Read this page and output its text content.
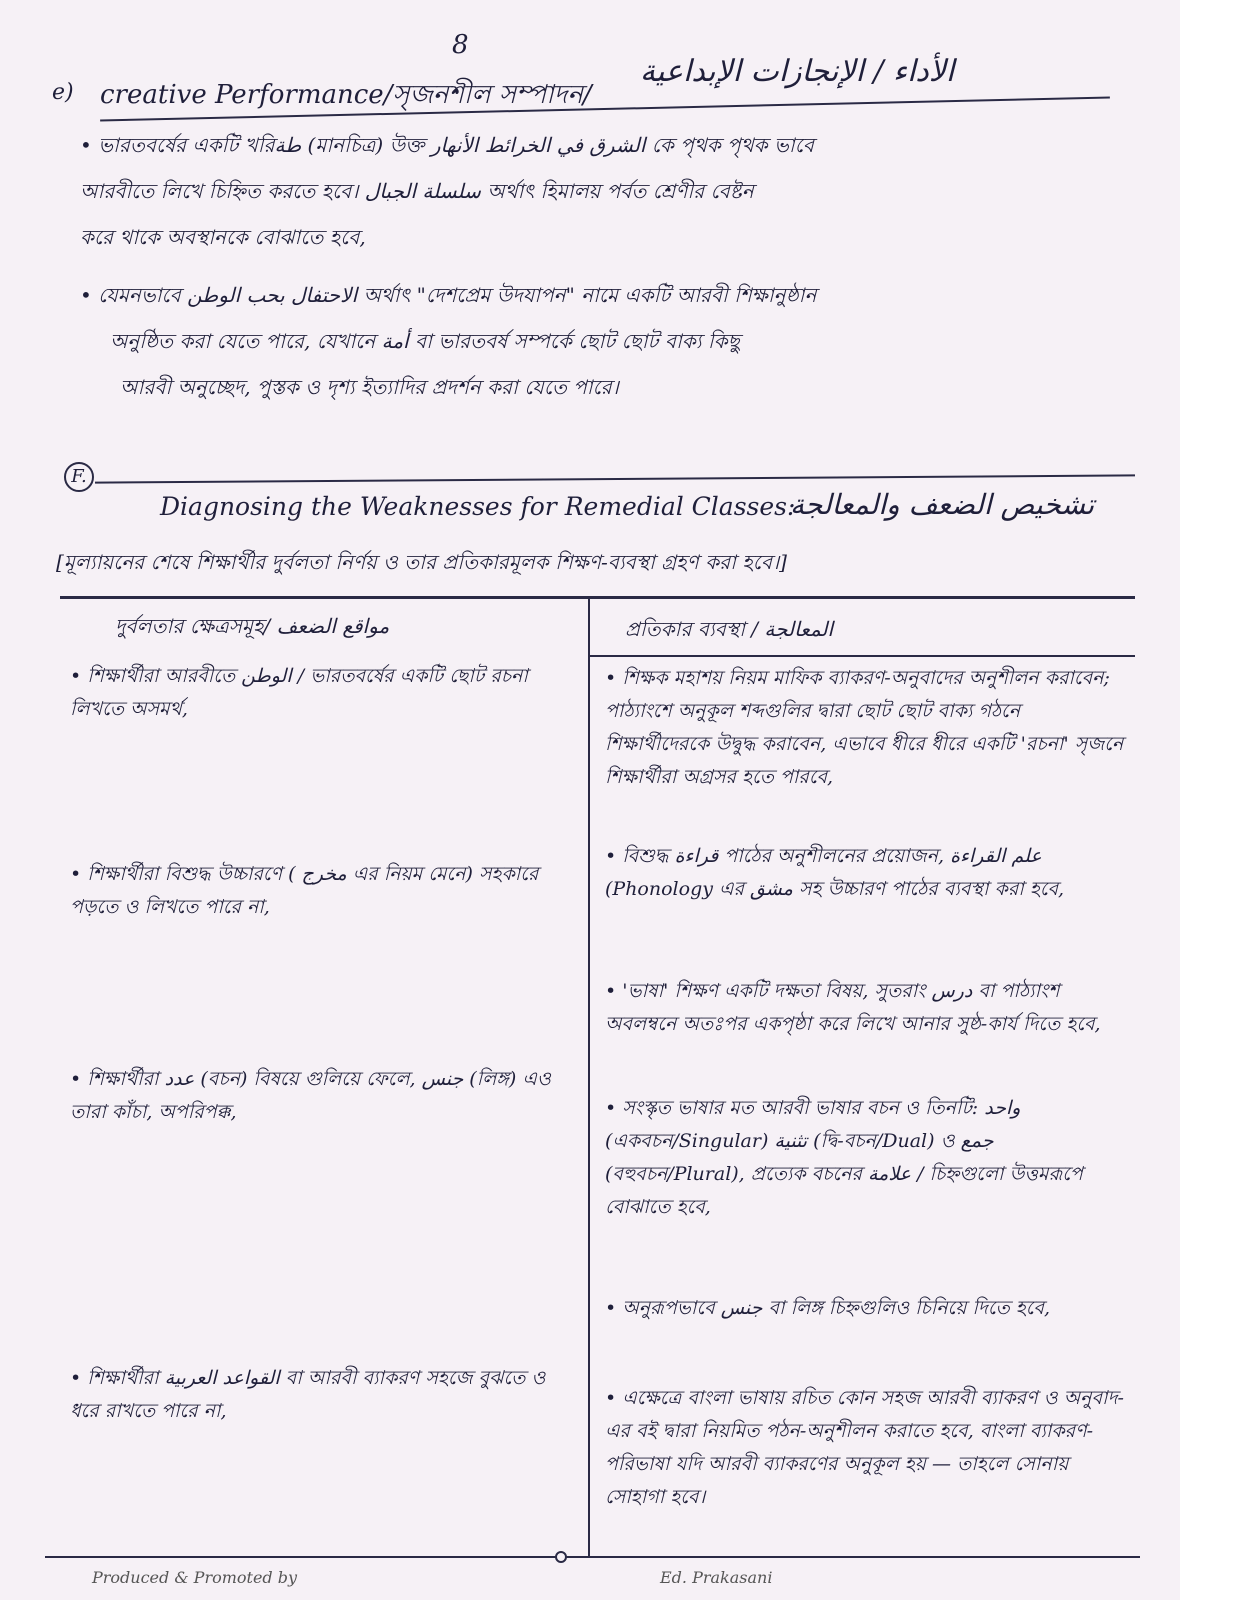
8
e) creative Performance/সৃজনশীল সম্পাদন/
الأداء / الإنجازات الإبداعية

• ভারতবর্ষের একটি খরিطة (মানচিত্র) উক্ত الشرق في الخرائط الأنهار কে পৃথক পৃথক ভাবে

আরবীতে লিখে চিহ্নিত করতে হবে। سلسلة الجبال অর্থাৎ হিমালয় পর্বত শ্রেণীর বেষ্টন

করে থাকে অবস্থানকে বোঝাতে হবে,

• যেমনভাবে الاحتفال بحب الوطن অর্থাৎ "দেশপ্রেম উদযাপন" নামে একটি আরবী শিক্ষানুষ্ঠান

অনুষ্ঠিত করা যেতে পারে, যেখানে أمة বা ভারতবর্ষ সম্পর্কে ছোট ছোট বাক্য কিছু

আরবী অনুচ্ছেদ, পুস্তক ও দৃশ্য ইত্যাদির প্রদর্শন করা যেতে পারে।

F.
Diagnosing the Weaknesses for Remedial Classes:
تشخيص الضعف والمعالجة
[মূল্যায়নের শেষে শিক্ষার্থীর দুর্বলতা নির্ণয় ও তার প্রতিকারমূলক শিক্ষণ-ব্যবস্থা গ্রহণ করা হবে।]
দুর্বলতার ক্ষেত্রসমূহ/ مواقع الضعف	প্রতিকার ব্যবস্থা / المعالجة
• শিক্ষার্থীরা আরবীতে الوطن / ভারতবর্ষের একটি ছোট রচনা লিখতে অসমর্থ,
• শিক্ষার্থীরা বিশুদ্ধ উচ্চারণে ( مخرج এর নিয়ম মেনে) সহকারে পড়তে ও লিখতে পারে না,
• শিক্ষার্থীরা عدد (বচন) বিষয়ে গুলিয়ে ফেলে, جنس (লিঙ্গ) এও তারা কাঁচা, অপরিপক্ক,
• শিক্ষার্থীরা القواعد العربية বা আরবী ব্যাকরণ সহজে বুঝতে ও ধরে রাখতে পারে না,
• শিক্ষক মহাশয় নিয়ম মাফিক ব্যাকরণ-অনুবাদের অনুশীলন করাবেন; পাঠ্যাংশে অনুকূল শব্দগুলির দ্বারা ছোট ছোট বাক্য গঠনে শিক্ষার্থীদেরকে উদ্বুদ্ধ করাবেন, এভাবে ধীরে ধীরে একটি 'রচনা' সৃজনে শিক্ষার্থীরা অগ্রসর হতে পারবে,
• বিশুদ্ধ قراءة পাঠের অনুশীলনের প্রয়োজন, علم القراءة (Phonology এর مشق সহ উচ্চারণ পাঠের ব্যবস্থা করা হবে,
• 'ভাষা' শিক্ষণ একটি দক্ষতা বিষয়, সুতরাং درس বা পাঠ্যাংশ অবলম্বনে অতঃপর একপৃষ্ঠা করে লিখে আনার সুষ্ঠ-কার্য দিতে হবে,
• সংস্কৃত ভাষার মত আরবী ভাষার বচন ও তিনটি: واحد (একবচন/Singular) تثنية (দ্বি-বচন/Dual) ও جمع (বহুবচন/Plural), প্রত্যেক বচনের علامة / চিহ্নগুলো উত্তমরূপে বোঝাতে হবে,
• অনুরূপভাবে جنس বা লিঙ্গ চিহ্নগুলিও চিনিয়ে দিতে হবে,
• এক্ষেত্রে বাংলা ভাষায় রচিত কোন সহজ আরবী ব্যাকরণ ও অনুবাদ-এর বই দ্বারা নিয়মিত পঠন-অনুশীলন করাতে হবে, বাংলা ব্যাকরণ-পরিভাষা যদি আরবী ব্যাকরণের অনুকূল হয় — তাহলে সোনায় সোহাগা হবে।
Produced & Promoted by	Ed. Prakasani
